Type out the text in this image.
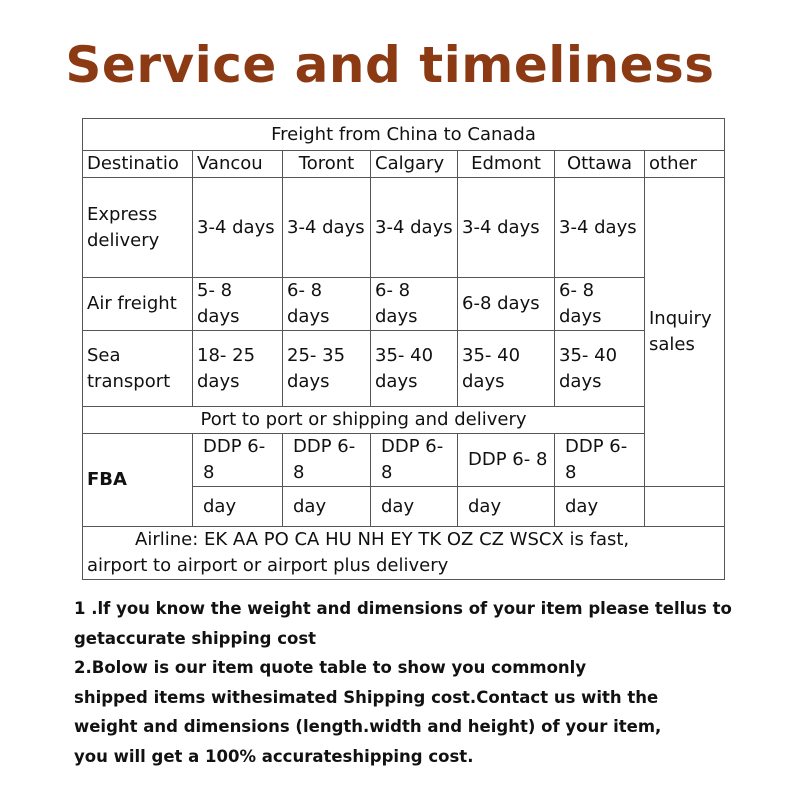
Service and timeliness
Freight from China to Canada							
Destinatio	Vancou	Toront	Calgary	Edmont	Ottawa	other	
Express delivery	3-4 days	3-4 days	3-4 days	3-4 days	3-4 days	Inquiry sales	
Air freight	5- 8 days	6- 8 days	6- 8 days	6-8 days	6- 8 days		
Sea transport	18- 25 days	25- 35 days	35- 40 days	35- 40 days	35- 40 days		
Port to port or shipping and delivery							
FBA	DDP 6- 8	DDP 6- 8	DDP 6- 8	DDP 6- 8	DDP 6- 8		
	day	day	day	day	day		

Airline: EK AA PO CA HU NH EY TK OZ CZ WSCX is fast,
airport to airport or airport plus delivery							
1 .lf you know the weight and dimensions of your item please tellus to
getaccurate shipping cost
2.Bolow is our item quote table to show you commonly
shipped items withesimated Shipping cost.Contact us with the
weight and dimensions (length.width and height) of your item,
you will get a 100% accurateshipping cost.
